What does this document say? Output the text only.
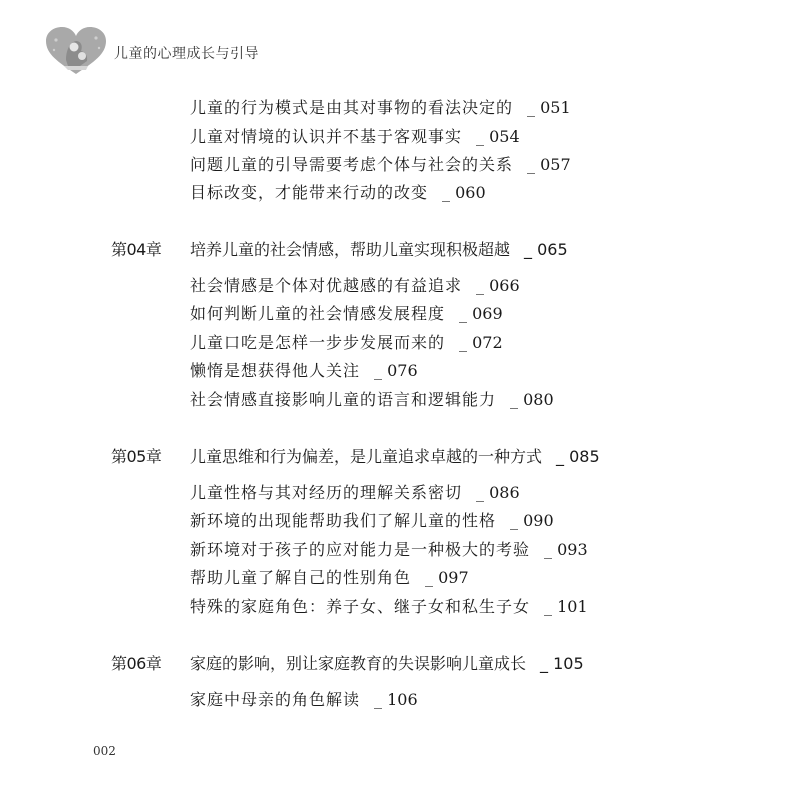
儿童的心理成长与引导
儿童的行为模式是由其对事物的看法决定的 _ 051
儿童对情境的认识并不基于客观事实 _ 054
问题儿童的引导需要考虑个体与社会的关系 _ 057
目标改变，才能带来行动的改变 _ 060
第04章 培养儿童的社会情感，帮助儿童实现积极超越 _ 065
社会情感是个体对优越感的有益追求 _ 066
如何判断儿童的社会情感发展程度 _ 069
儿童口吃是怎样一步步发展而来的 _ 072
懒惰是想获得他人关注 _ 076
社会情感直接影响儿童的语言和逻辑能力 _ 080
第05章 儿童思维和行为偏差，是儿童追求卓越的一种方式 _ 085
儿童性格与其对经历的理解关系密切 _ 086
新环境的出现能帮助我们了解儿童的性格 _ 090
新环境对于孩子的应对能力是一种极大的考验 _ 093
帮助儿童了解自己的性别角色 _ 097
特殊的家庭角色：养子女、继子女和私生子女 _ 101
第06章 家庭的影响，别让家庭教育的失误影响儿童成长 _ 105
家庭中母亲的角色解读 _ 106
002
